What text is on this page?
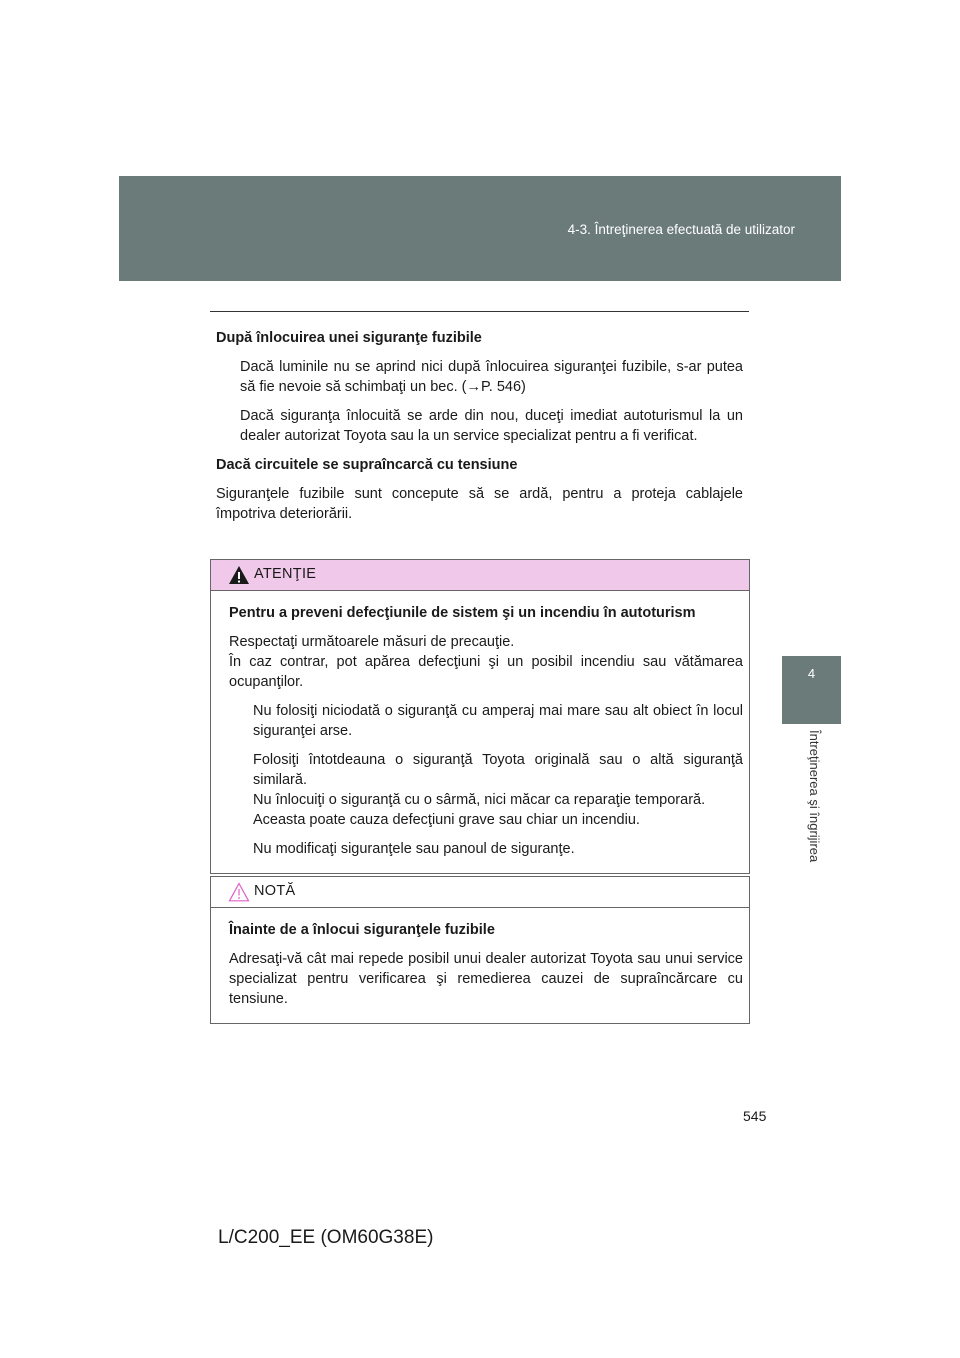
4-3. Întreţinerea efectuată de utilizator
4
Întreţinerea şi îngrijirea

După înlocuirea unei siguranţe fuzibile

Dacă luminile nu se aprind nici după înlocuirea siguranţei fuzibile, s-ar putea să fie nevoie să schimbaţi un bec. (→P. 546)

Dacă siguranţa înlocuită se arde din nou, duceţi imediat autoturismul la un dealer autorizat Toyota sau la un service specializat pentru a fi verificat.

Dacă circuitele se supraîncarcă cu tensiune

Siguranţele fuzibile sunt concepute să se ardă, pentru a proteja cablajele împotriva deteriorării.

ATENŢIE

Pentru a preveni defecţiunile de sistem şi un incendiu în autoturism

Respectaţi următoarele măsuri de precauţie.

În caz contrar, pot apărea defecţiuni şi un posibil incendiu sau vătămarea ocupanţilor.

Nu folosiţi niciodată o siguranţă cu amperaj mai mare sau alt obiect în locul siguranţei arse.

Folosiţi întotdeauna o siguranţă Toyota originală sau o altă siguranţă similară.

Nu înlocuiţi o siguranţă cu o sârmă, nici măcar ca reparaţie temporară.

Aceasta poate cauza defecţiuni grave sau chiar un incendiu.

Nu modificaţi siguranţele sau panoul de siguranţe.

NOTĂ

Înainte de a înlocui siguranţele fuzibile

Adresaţi-vă cât mai repede posibil unui dealer autorizat Toyota sau unui service specializat pentru verificarea şi remedierea cauzei de supraîncărcare cu tensiune.

545
L/C200_EE (OM60G38E)
